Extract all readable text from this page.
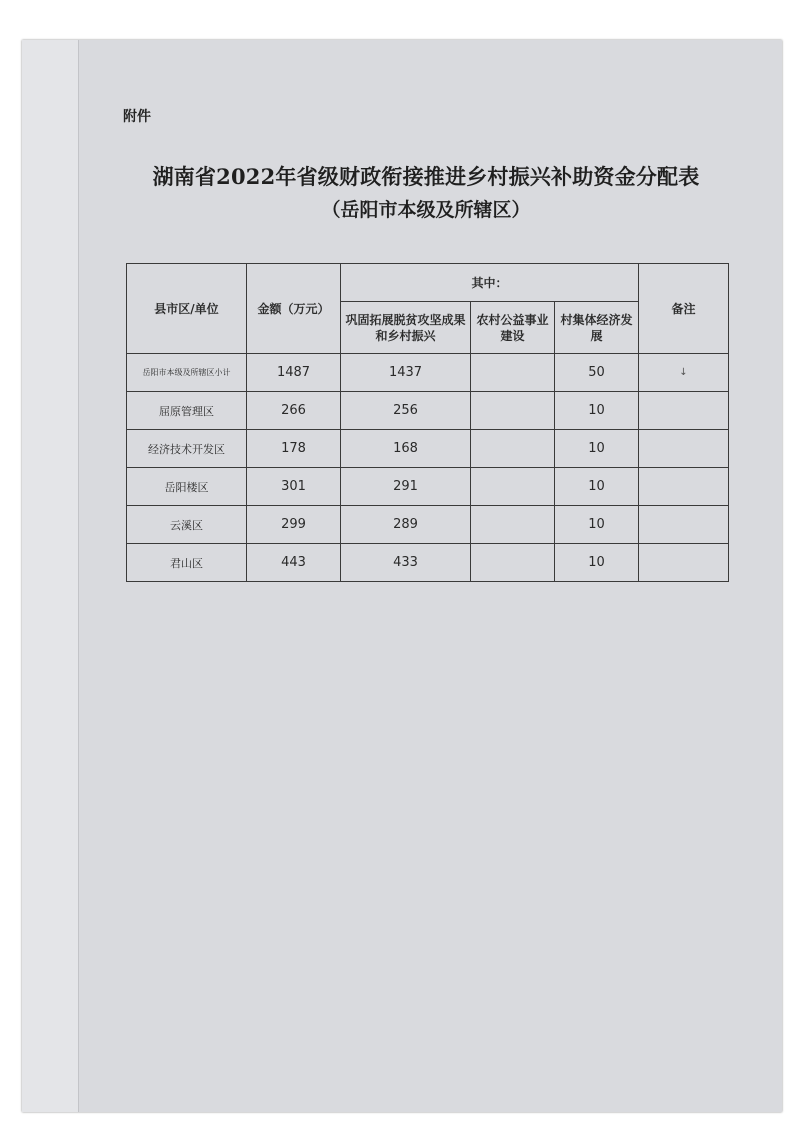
附件
湖南省2022年省级财政衔接推进乡村振兴补助资金分配表
（岳阳市本级及所辖区）
县市区/单位	金额（万元）	其中：			备注
		巩固拓展脱贫攻坚成果和乡村振兴	农村公益事业建设	村集体经济发展	
岳阳市本级及所辖区小计	1487	1437		50	↓
屈原管理区	266	256		10	
经济技术开发区	178	168		10	
岳阳楼区	301	291		10	
云溪区	299	289		10	
君山区	443	433		10	
